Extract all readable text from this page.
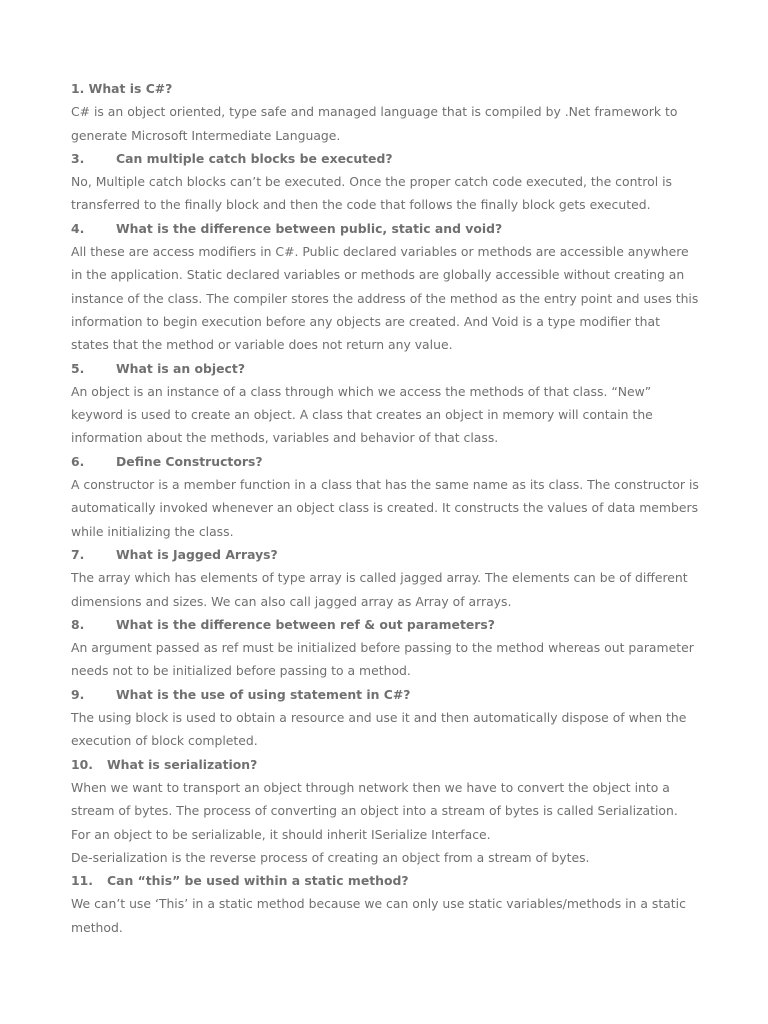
1. What is C#?

C# is an object oriented, type safe and managed language that is compiled by .Net framework to generate Microsoft Intermediate Language.

3.	Can multiple catch blocks be executed?

No, Multiple catch blocks can’t be executed. Once the proper catch code executed, the control is transferred to the finally block and then the code that follows the finally block gets executed.

4.	What is the difference between public, static and void?

All these are access modifiers in C#. Public declared variables or methods are accessible anywhere in the application. Static declared variables or methods are globally accessible without creating an instance of the class. The compiler stores the address of the method as the entry point and uses this information to begin execution before any objects are created. And Void is a type modifier that states that the method or variable does not return any value.

5.	What is an object?

An object is an instance of a class through which we access the methods of that class. “New” keyword is used to create an object. A class that creates an object in memory will contain the information about the methods, variables and behavior of that class.

6.	Define Constructors?

A constructor is a member function in a class that has the same name as its class. The constructor is automatically invoked whenever an object class is created. It constructs the values of data members while initializing the class.

7.	What is Jagged Arrays?

The array which has elements of type array is called jagged array. The elements can be of different dimensions and sizes. We can also call jagged array as Array of arrays.

8.	What is the difference between ref & out parameters?

An argument passed as ref must be initialized before passing to the method whereas out parameter needs not to be initialized before passing to a method.

9.	What is the use of using statement in C#?

The using block is used to obtain a resource and use it and then automatically dispose of when the execution of block completed.

10. What is serialization?

When we want to transport an object through network then we have to convert the object into a stream of bytes. The process of converting an object into a stream of bytes is called Serialization. For an object to be serializable, it should inherit ISerialize Interface.

De-serialization is the reverse process of creating an object from a stream of bytes.

11. Can “this” be used within a static method?

We can’t use ‘This’ in a static method because we can only use static variables/methods in a static method.
